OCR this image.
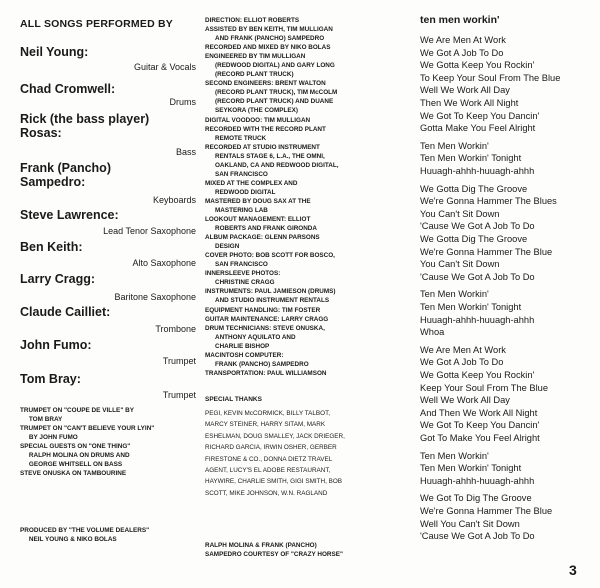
ALL SONGS PERFORMED BY
Neil Young:
Guitar & Vocals
Chad Cromwell:
Drums
Rick (the bass player)
Rosas:
Bass
Frank (Pancho)
Sampedro:
Keyboards
Steve Lawrence:
Lead Tenor Saxophone
Ben Keith:
Alto Saxophone
Larry Cragg:
Baritone Saxophone
Claude Cailliet:
Trombone
John Fumo:
Trumpet
Tom Bray:
Trumpet
TRUMPET ON "COUPE DE VILLE" BY
TOM BRAY
TRUMPET ON "CAN'T BELIEVE YOUR LYIN"
BY JOHN FUMO
SPECIAL GUESTS ON "ONE THING"
RALPH MOLINA ON DRUMS AND
GEORGE WHITSELL ON BASS
STEVE ONUSKA ON TAMBOURINE
PRODUCED BY "THE VOLUME DEALERS"
NEIL YOUNG & NIKO BOLAS
DIRECTION: ELLIOT ROBERTS
ASSISTED BY BEN KEITH, TIM MULLIGAN
AND FRANK (PANCHO) SAMPEDRO
RECORDED AND MIXED BY NIKO BOLAS
ENGINEERED BY TIM MULLIGAN
(REDWOOD DIGITAL) AND GARY LONG
(RECORD PLANT TRUCK)
SECOND ENGINEERS: BRENT WALTON
(RECORD PLANT TRUCK), TIM McCOLM
(RECORD PLANT TRUCK) AND DUANE
SEYKORA (THE COMPLEX)
DIGITAL VOODOO: TIM MULLIGAN
RECORDED WITH THE RECORD PLANT
REMOTE TRUCK
RECORDED AT STUDIO INSTRUMENT
RENTALS STAGE 6, L.A., THE OMNI,
OAKLAND, CA AND REDWOOD DIGITAL,
SAN FRANCISCO
MIXED AT THE COMPLEX AND
REDWOOD DIGITAL
MASTERED BY DOUG SAX AT THE
MASTERING LAB
LOOKOUT MANAGEMENT: ELLIOT
ROBERTS AND FRANK GIRONDA
ALBUM PACKAGE: GLENN PARSONS
DESIGN
COVER PHOTO: BOB SCOTT FOR BOSCO,
SAN FRANCISCO
INNERSLEEVE PHOTOS:
CHRISTINE CRAGG
INSTRUMENTS: PAUL JAMIESON (DRUMS)
AND STUDIO INSTRUMENT RENTALS
EQUIPMENT HANDLING: TIM FOSTER
GUITAR MAINTENANCE: LARRY CRAGG
DRUM TECHNICIANS: STEVE ONUSKA,
ANTHONY AQUILATO AND
CHARLIE BISHOP
MACINTOSH COMPUTER:
FRANK (PANCHO) SAMPEDRO
TRANSPORTATION: PAUL WILLIAMSON
SPECIAL THANKS
PEGI, KEVIN McCORMICK, BILLY TALBOT,
MARCY STEINER, HARRY SITAM, MARK
ESHELMAN, DOUG SMALLEY, JACK DRIEGER,
RICHARD GARCIA, IRWIN OSHER, GERBER
FIRESTONE & CO., DONNA DIETZ TRAVEL
AGENT, LUCY'S EL ADOBE RESTAURANT,
HAYWIRE, CHARLIE SMITH, GIGI SMITH, BOB
SCOTT, MIKE JOHNSON, W.N. RAGLAND
RALPH MOLINA & FRANK (PANCHO)
SAMPEDRO COURTESY OF "CRAZY HORSE"
ten men workin'
We Are Men At Work
We Got A Job To Do
We Gotta Keep You Rockin'
To Keep Your Soul From The Blue
Well We Work All Day
Then We Work All Night
We Got To Keep You Dancin'
Gotta Make You Feel Alright
Ten Men Workin'
Ten Men Workin' Tonight
Huuagh-ahhh-huuagh-ahhh
We Gotta Dig The Groove
We're Gonna Hammer The Blues
You Can't Sit Down
'Cause We Got A Job To Do
We Gotta Dig The Groove
We're Gonna Hammer The Blue
You Can't Sit Down
'Cause We Got A Job To Do
Ten Men Workin'
Ten Men Workin' Tonight
Huuagh-ahhh-huuagh-ahhh
Whoa
We Are Men At Work
We Got A Job To Do
We Gotta Keep You Rockin'
Keep Your Soul From The Blue
Well We Work All Day
And Then We Work All Night
We Got To Keep You Dancin'
Got To Make You Feel Alright
Ten Men Workin'
Ten Men Workin' Tonight
Huuagh-ahhh-huuagh-ahhh
We Got To Dig The Groove
We're Gonna Hammer The Blue
Well You Can't Sit Down
'Cause We Got A Job To Do
3
